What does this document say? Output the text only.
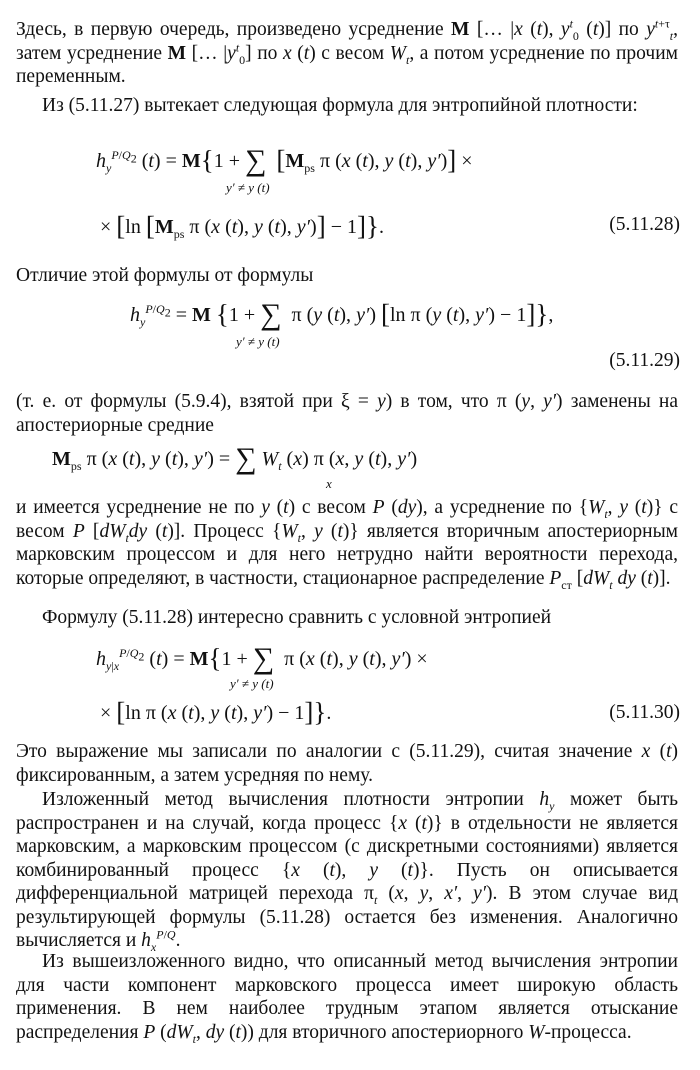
Здесь, в первую очередь, произведено усреднение M [… |x (t), $y^t_0$ (t)] по $y^{t+\tau}_t$, затем усреднение M [… $|y^t_0$] по x (t) с весом $W_t$, а потом усреднение по прочим переменным.
Из (5.11.27) вытекает следующая формула для энтропийной плотности:
$h_y^{P/Q_2}$ (t) = M{1 + ∑ [$M_{ps}$ π (x (t), y (t), y′)] ×
y′ ≠ y (t)
× [ln [$M_{ps}$ π (x (t), y (t), y′)] − 1]}.	(5.11.28)
Отличие этой формулы от формулы
$h_y^{P/Q_2} = M$ {1 + ∑  π (y (t), y′) [ln π (y (t), y′) − 1]},
y′ ≠ y (t)
(5.11.29)
(т. е. от формулы (5.9.4), взятой при ξ = y) в том, что π (y, y′) заменены на апостериорные средние
$M_{ps}$ π (x (t), y (t), y′) = ∑ $W_t$ (x) π (x, y (t), y′)
x
и имеется усреднение не по y (t) с весом P (dy), а усреднение по {$W_t$, y (t)} с весом P [$dW_tdy$ (t)]. Процесс {$W_t$, y (t)} является вторичным апостериорным марковским процессом и для него нетрудно найти вероятности перехода, которые определяют, в частности, стационарное распределение $P_{ст}$ [$dW_t$ dy (t)].
Формулу (5.11.28) интересно сравнить с условной энтропией
$h_{y|x}^{P/Q_2}$ (t) = M{1 + ∑  π (x (t), y (t), y′) ×
y′ ≠ y (t)
× [ln π (x (t), y (t), y′) − 1]}.	(5.11.30)
Это выражение мы записали по аналогии с (5.11.29), считая значение x (t) фиксированным, а затем усредняя по нему.
Изложенный метод вычисления плотности энтропии $h_y$ может быть распространен и на случай, когда процесс {x (t)} в отдельности не является марковским, а марковским процессом (с дискретными состояниями) является комбинированный процесс {x (t), y (t)}. Пусть он описывается дифференциальной матрицей перехода $\pi_t$ (x, y, x′, y′). В этом случае вид результирующей формулы (5.11.28) остается без изменения. Аналогично вычисляется и $h_x^{P/Q}$.
Из вышеизложенного видно, что описанный метод вычисления энтропии для части компонент марковского процесса имеет широкую область применения. В нем наиболее трудным этапом является отыскание распределения P ($dW_t$, dy (t)) для вторичного апостериорного W-процесса.
